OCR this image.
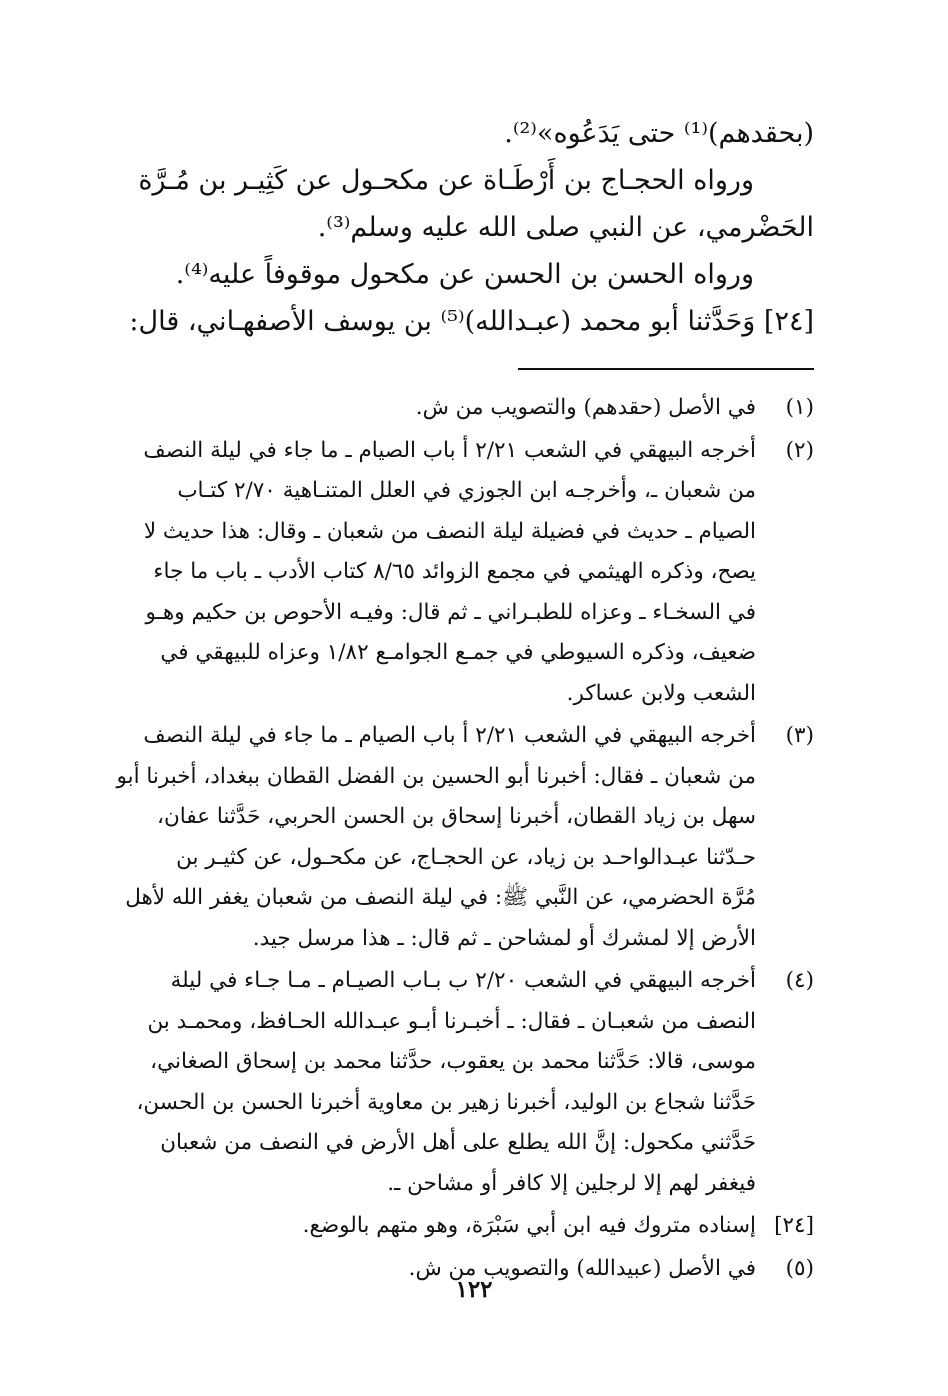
(بحقدهم)⁽¹⁾ حتى يَدَعُوه»⁽²⁾.

ورواه الحجـاج بن أَرْطَـاة عن مكحـول عن كَثِيـر بن مُـرَّة

الحَضْرمي، عن النبي صلى الله عليه وسلم⁽³⁾.

ورواه الحسن بن الحسن عن مكحول موقوفاً عليه⁽⁴⁾.

[٢٤] وَحَدَّثنا أبو محمد (عبـدالله)⁽⁵⁾ بن يوسف الأصفهـاني، قال:

(١)
في الأصل (حقدهم) والتصويب من ش.
(٢)
أخرجه البيهقي في الشعب ٢/٢١ أ باب الصيام ـ ما جاء في ليلة النصف
من شعبان ـ، وأخرجـه ابن الجوزي في العلل المتنـاهية ٢/٧٠ كتـاب
الصيام ـ حديث في فضيلة ليلة النصف من شعبان ـ وقال: هذا حديث لا
يصح، وذكره الهيثمي في مجمع الزوائد ٨/٦٥ كتاب الأدب ـ باب ما جاء
في السخـاء ـ وعزاه للطبـراني ـ ثم قال: وفيـه الأحوص بن حكيم وهـو
ضعيف، وذكره السيوطي في جمـع الجوامـع ١/٨٢ وعزاه للبيهقي في
الشعب ولابن عساكر.
(٣)
أخرجه البيهقي في الشعب ٢/٢١ أ باب الصيام ـ ما جاء في ليلة النصف
من شعبان ـ فقال: أخبرنا أبو الحسين بن الفضل القطان ببغداد، أخبرنا أبو
سهل بن زياد القطان، أخبرنا إسحاق بن الحسن الحربي، حَدَّثنا عفان،
حـدّثنا عبـدالواحـد بن زياد، عن الحجـاج، عن مكحـول، عن كثيـر بن
مُرَّة الحضرمي، عن النَّبي ﷺ: في ليلة النصف من شعبان يغفر الله لأهل
الأرض إلا لمشرك أو لمشاحن ـ ثم قال: ـ هذا مرسل جيد.
(٤)
أخرجه البيهقي في الشعب ٢/٢٠ ب بـاب الصيـام ـ مـا جـاء في ليلة
النصف من شعبـان ـ فقال: ـ أخبـرنا أبـو عبـدالله الحـافظ، ومحمـد بن
موسى، قالا: حَدَّثنا محمد بن يعقوب، حدَّثنا محمد بن إسحاق الصغاني،
حَدَّثنا شجاع بن الوليد، أخبرنا زهير بن معاوية أخبرنا الحسن بن الحسن،
حَدَّثني مكحول: إنَّ الله يطلع على أهل الأرض في النصف من شعبان
فيغفر لهم إلا لرجلين إلا كافر أو مشاحن ـ.
[٢٤]
إسناده متروك فيه ابن أبي سَبْرَة، وهو متهم بالوضع.
(٥)
في الأصل (عبيدالله) والتصويب من ش.
١٢٢
